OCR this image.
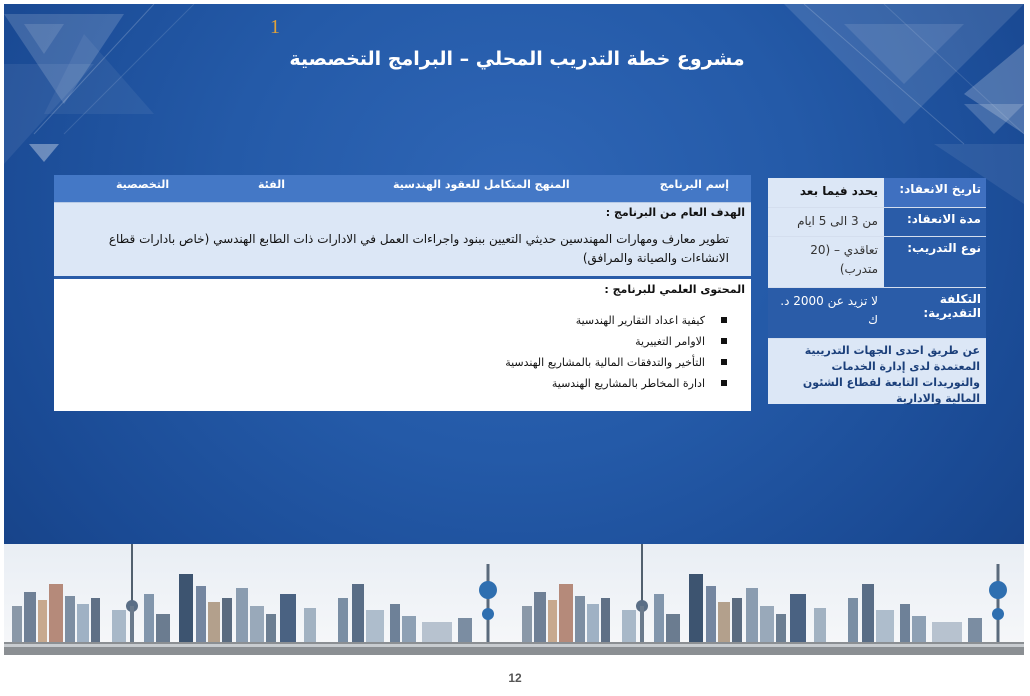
1
مشروع خطة التدريب المحلي – البرامج التخصصية
إسم البرنامج
المنهج المتكامل للعقود الهندسية
الفئة
التخصصية
الهدف العام من البرنامج :
تطوير معارف ومهارات المهندسين حديثي التعيين ببنود واجراءات العمل في الادارات ذات الطابع الهندسي (خاص بادارات قطاع الانشاءات والصيانة والمرافق)
المحتوى العلمي للبرنامج :
كيفية اعداد التقارير الهندسية
الاوامر التغييرية
التأخير والتدفقات المالية بالمشاريع الهندسية
ادارة المخاطر بالمشاريع الهندسية
تاريخ الانعقاد:
يحدد فيما بعد
مدة الانعقاد:
من 3 الى 5 ايام
نوع التدريب:
تعاقدي – (20 متدرب)
التكلفة التقديرية:
لا تزيد عن 2000 د. ك
عن طريق احدى الجهات التدريبية المعتمدة لدى إدارة الخدمات والتوريدات التابعة لقطاع الشئون المالية والادارية
12
